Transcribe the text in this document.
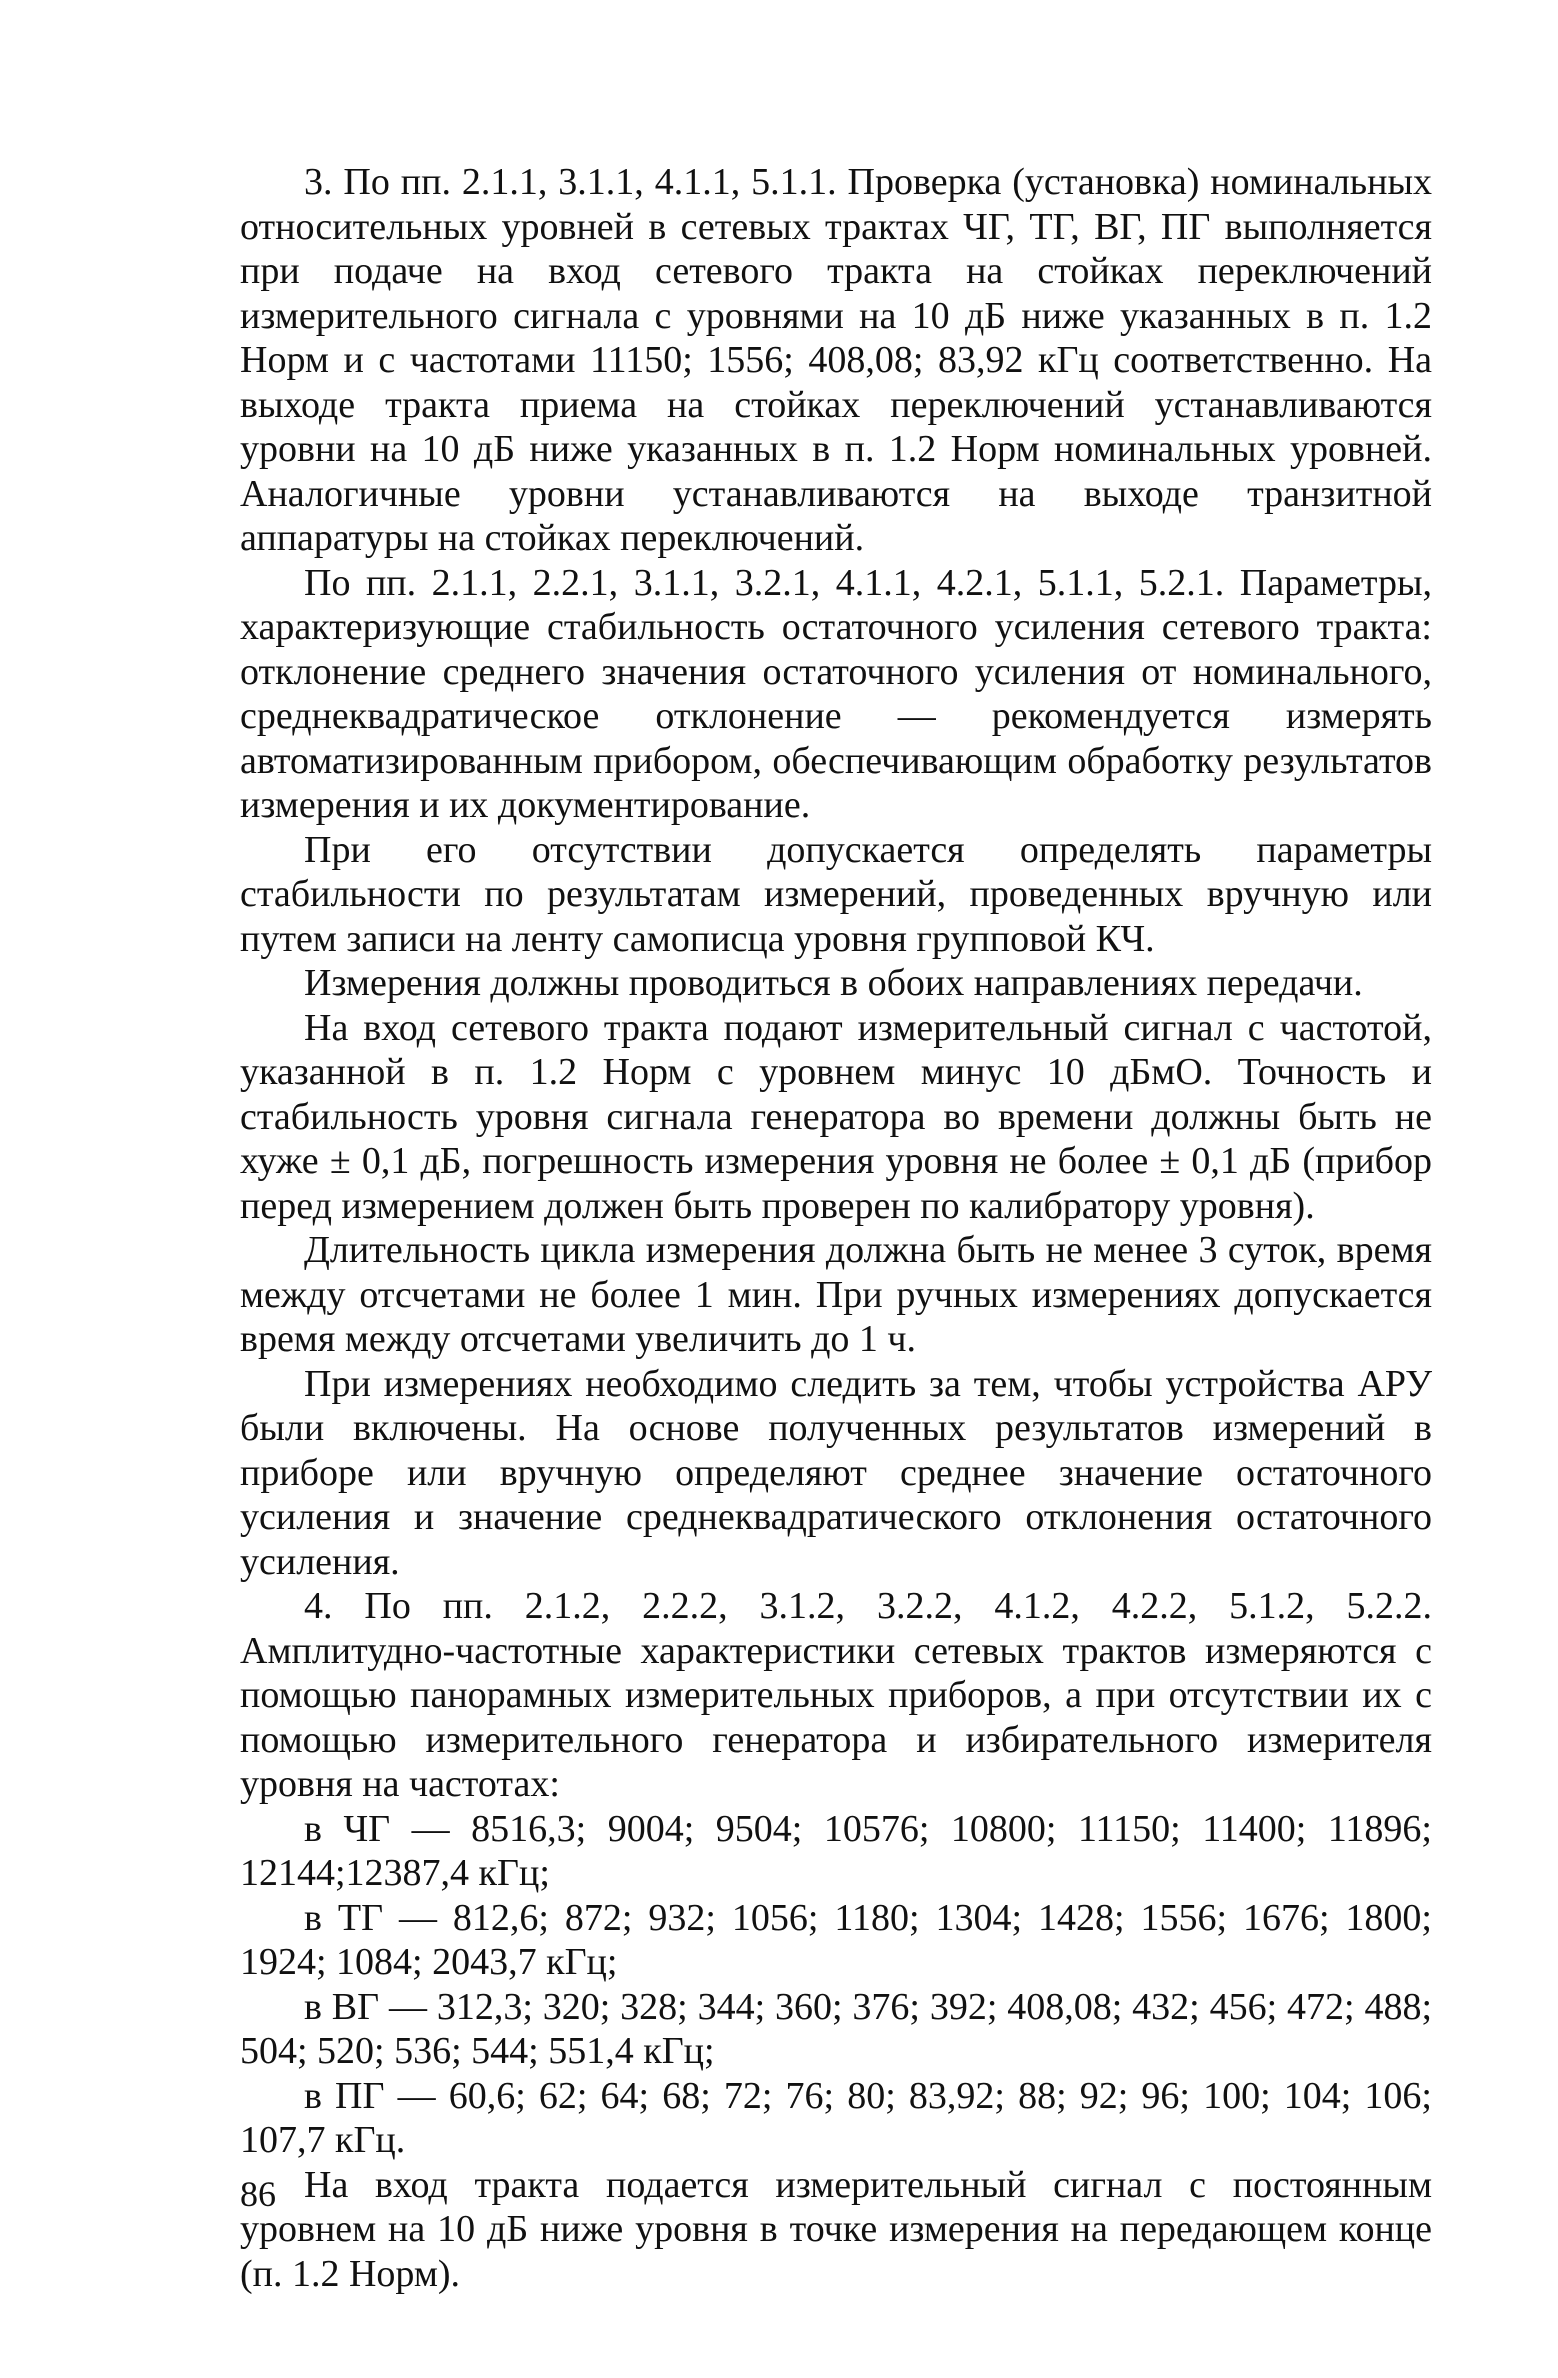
3. По пп. 2.1.1, 3.1.1, 4.1.1, 5.1.1. Проверка (установка) номинальных относительных уровней в сетевых трактах ЧГ, ТГ, ВГ, ПГ выполняется при подаче на вход сетевого тракта на стойках переключений измерительного сигнала с уровнями на 10 дБ ниже указанных в п. 1.2 Норм и с частотами 11150; 1556; 408,08; 83,92 кГц соответственно. На выходе тракта приема на стойках переключений устанавливаются уровни на 10 дБ ниже указанных в п. 1.2 Норм номинальных уровней. Аналогичные уровни устанавливаются на выходе транзитной аппаратуры на стойках переключений.

По пп. 2.1.1, 2.2.1, 3.1.1, 3.2.1, 4.1.1, 4.2.1, 5.1.1, 5.2.1. Параметры, характеризующие стабильность остаточного усиления сетевого тракта: отклонение среднего значения остаточного усиления от номинального, среднеквадратическое отклонение — рекомендуется измерять автоматизированным прибором, обеспечивающим обработку результатов измерения и их документирование.

При его отсутствии допускается определять параметры стабильности по результатам измерений, проведенных вручную или путем записи на ленту самописца уровня групповой КЧ.

Измерения должны проводиться в обоих направлениях передачи.

На вход сетевого тракта подают измерительный сигнал с частотой, указанной в п. 1.2 Норм с уровнем минус 10 дБмО. Точность и стабильность уровня сигнала генератора во времени должны быть не хуже ± 0,1 дБ, погрешность измерения уровня не более ± 0,1 дБ (прибор перед измерением должен быть проверен по калибратору уровня).

Длительность цикла измерения должна быть не менее 3 суток, время между отсчетами не более 1 мин. При ручных измерениях допускается время между отсчетами увеличить до 1 ч.

При измерениях необходимо следить за тем, чтобы устройства АРУ были включены. На основе полученных результатов измерений в приборе или вручную определяют среднее значение остаточного усиления и значение среднеквадратического отклонения остаточного усиления.

4. По пп. 2.1.2, 2.2.2, 3.1.2, 3.2.2, 4.1.2, 4.2.2, 5.1.2, 5.2.2. Амплитудно-частотные характеристики сетевых трактов измеряются с помощью панорамных измерительных приборов, а при отсутствии их с помощью измерительного генератора и избирательного измерителя уровня на частотах:

в ЧГ — 8516,3; 9004; 9504; 10576; 10800; 11150; 11400; 11896; 12144;12387,4 кГц;

в ТГ — 812,6; 872; 932; 1056; 1180; 1304; 1428; 1556; 1676; 1800; 1924; 1084; 2043,7 кГц;

в ВГ — 312,3; 320; 328; 344; 360; 376; 392; 408,08; 432; 456; 472; 488; 504; 520; 536; 544; 551,4 кГц;

в ПГ — 60,6; 62; 64; 68; 72; 76; 80; 83,92; 88; 92; 96; 100; 104; 106; 107,7 кГц.

На вход тракта подается измерительный сигнал с постоянным уровнем на 10 дБ ниже уровня в точке измерения на передающем конце (п. 1.2 Норм).

86
